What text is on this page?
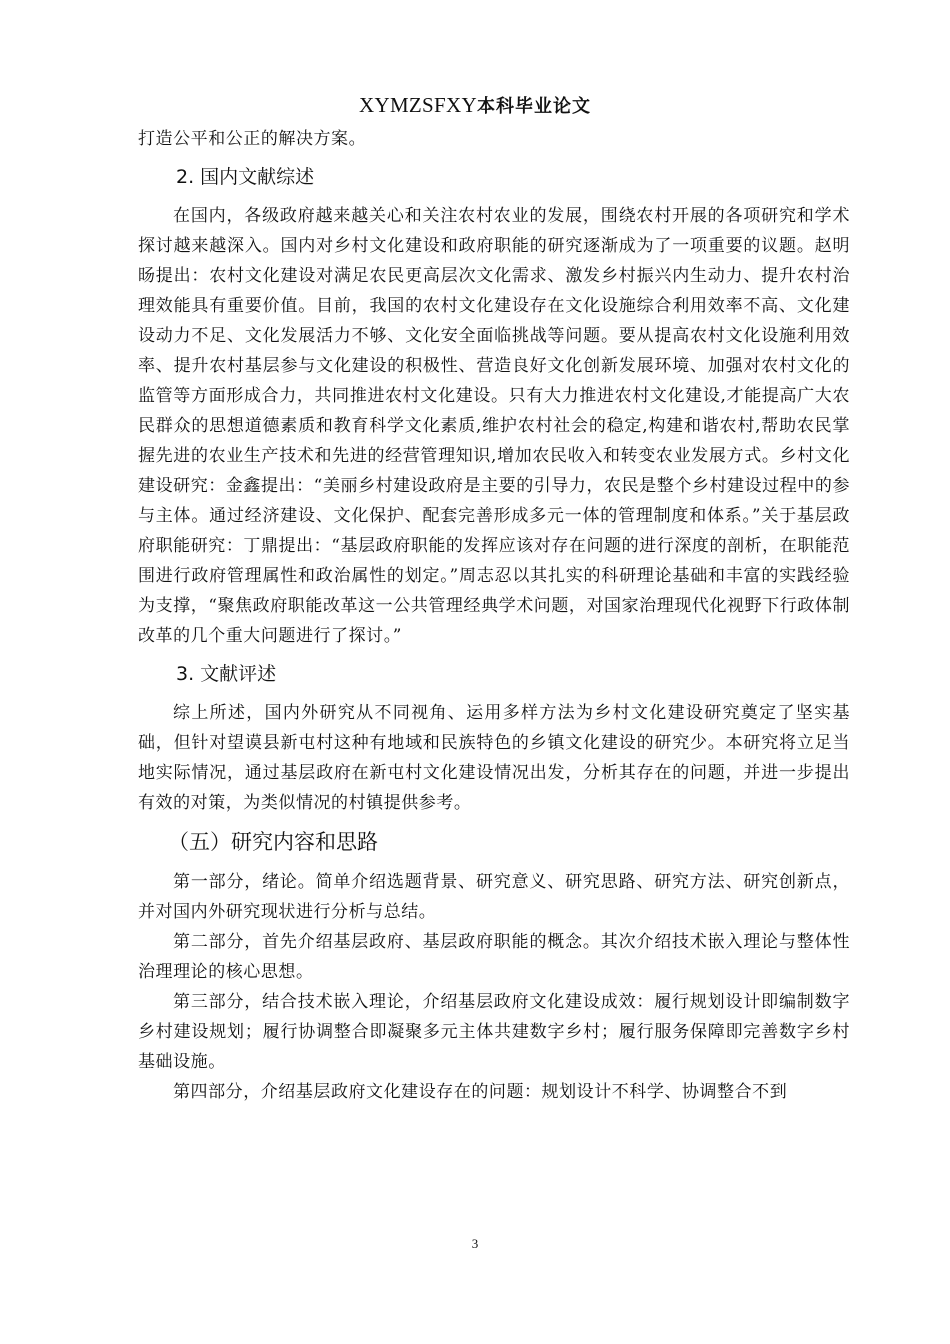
XYMZSFXY本科毕业论文

打造公平和公正的解决方案。

2. 国内文献综述

在国内，各级政府越来越关心和关注农村农业的发展，围绕农村开展的各项研究和学术探讨越来越深入。国内对乡村文化建设和政府职能的研究逐渐成为了一项重要的议题。赵明旸提出：农村文化建设对满足农民更高层次文化需求、激发乡村振兴内生动力、提升农村治理效能具有重要价值。目前，我国的农村文化建设存在文化设施综合利用效率不高、文化建设动力不足、文化发展活力不够、文化安全面临挑战等问题。要从提高农村文化设施利用效率、提升农村基层参与文化建设的积极性、营造良好文化创新发展环境、加强对农村文化的监管等方面形成合力，共同推进农村文化建设。只有大力推进农村文化建设,才能提高广大农民群众的思想道德素质和教育科学文化素质,维护农村社会的稳定,构建和谐农村,帮助农民掌握先进的农业生产技术和先进的经营管理知识,增加农民收入和转变农业发展方式。乡村文化建设研究：金鑫提出：“美丽乡村建设政府是主要的引导力，农民是整个乡村建设过程中的参与主体。通过经济建设、文化保护、配套完善形成多元一体的管理制度和体系。”关于基层政府职能研究：丁鼎提出：“基层政府职能的发挥应该对存在问题的进行深度的剖析，在职能范围进行政府管理属性和政治属性的划定。”周志忍以其扎实的科研理论基础和丰富的实践经验为支撑，“聚焦政府职能改革这一公共管理经典学术问题，对国家治理现代化视野下行政体制改革的几个重大问题进行了探讨。”

3. 文献评述

综上所述，国内外研究从不同视角、运用多样方法为乡村文化建设研究奠定了坚实基础，但针对望谟县新屯村这种有地域和民族特色的乡镇文化建设的研究少。本研究将立足当地实际情况，通过基层政府在新屯村文化建设情况出发，分析其存在的问题，并进一步提出有效的对策，为类似情况的村镇提供参考。

（五）研究内容和思路

第一部分，绪论。简单介绍选题背景、研究意义、研究思路、研究方法、研究创新点，并对国内外研究现状进行分析与总结。

第二部分，首先介绍基层政府、基层政府职能的概念。其次介绍技术嵌入理论与整体性治理理论的核心思想。

第三部分，结合技术嵌入理论，介绍基层政府文化建设成效：履行规划设计即编制数字乡村建设规划；履行协调整合即凝聚多元主体共建数字乡村；履行服务保障即完善数字乡村基础设施。

第四部分，介绍基层政府文化建设存在的问题：规划设计不科学、协调整合不到

3
